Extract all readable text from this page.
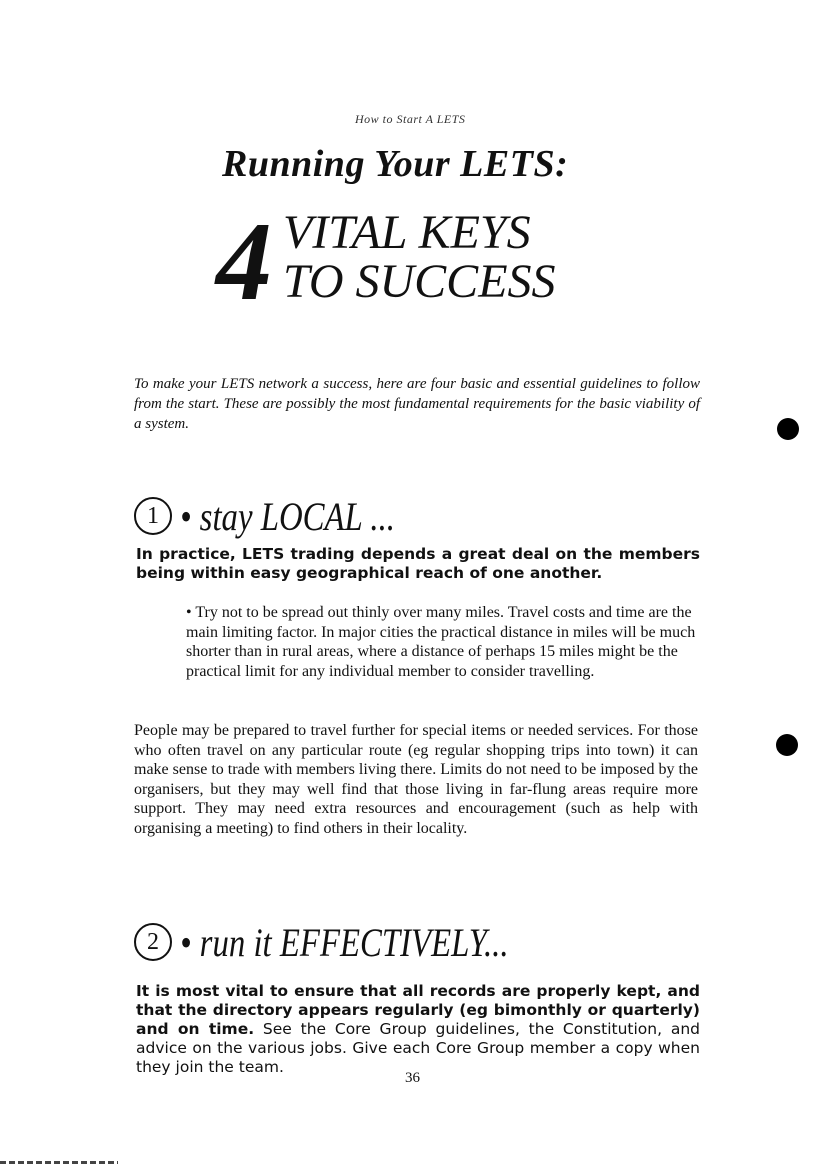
How to Start A LETS
Running Your LETS:
4 VITAL KEYS
TO SUCCESS
To make your LETS network a success, here are four basic and essential guidelines to follow from the start. These are possibly the most fundamental requirements for the basic viability of a system.
1 • stay LOCAL ...
In practice, LETS trading depends a great deal on the members being within easy geographical reach of one another.
• Try not to be spread out thinly over many miles. Travel costs and time are the main limiting factor. In major cities the practical distance in miles will be much shorter than in rural areas, where a distance of perhaps 15 miles might be the practical limit for any individual member to consider travelling.
People may be prepared to travel further for special items or needed services. For those who often travel on any particular route (eg regular shopping trips into town) it can make sense to trade with members living there. Limits do not need to be imposed by the organisers, but they may well find that those living in far-flung areas require more support. They may need extra resources and encouragement (such as help with organising a meeting) to find others in their locality.
2 • run it EFFECTIVELY...
It is most vital to ensure that all records are properly kept, and that the directory appears regularly (eg bimonthly or quarterly) and on time. See the Core Group guidelines, the Constitution, and advice on the various jobs. Give each Core Group member a copy when they join the team.
36
